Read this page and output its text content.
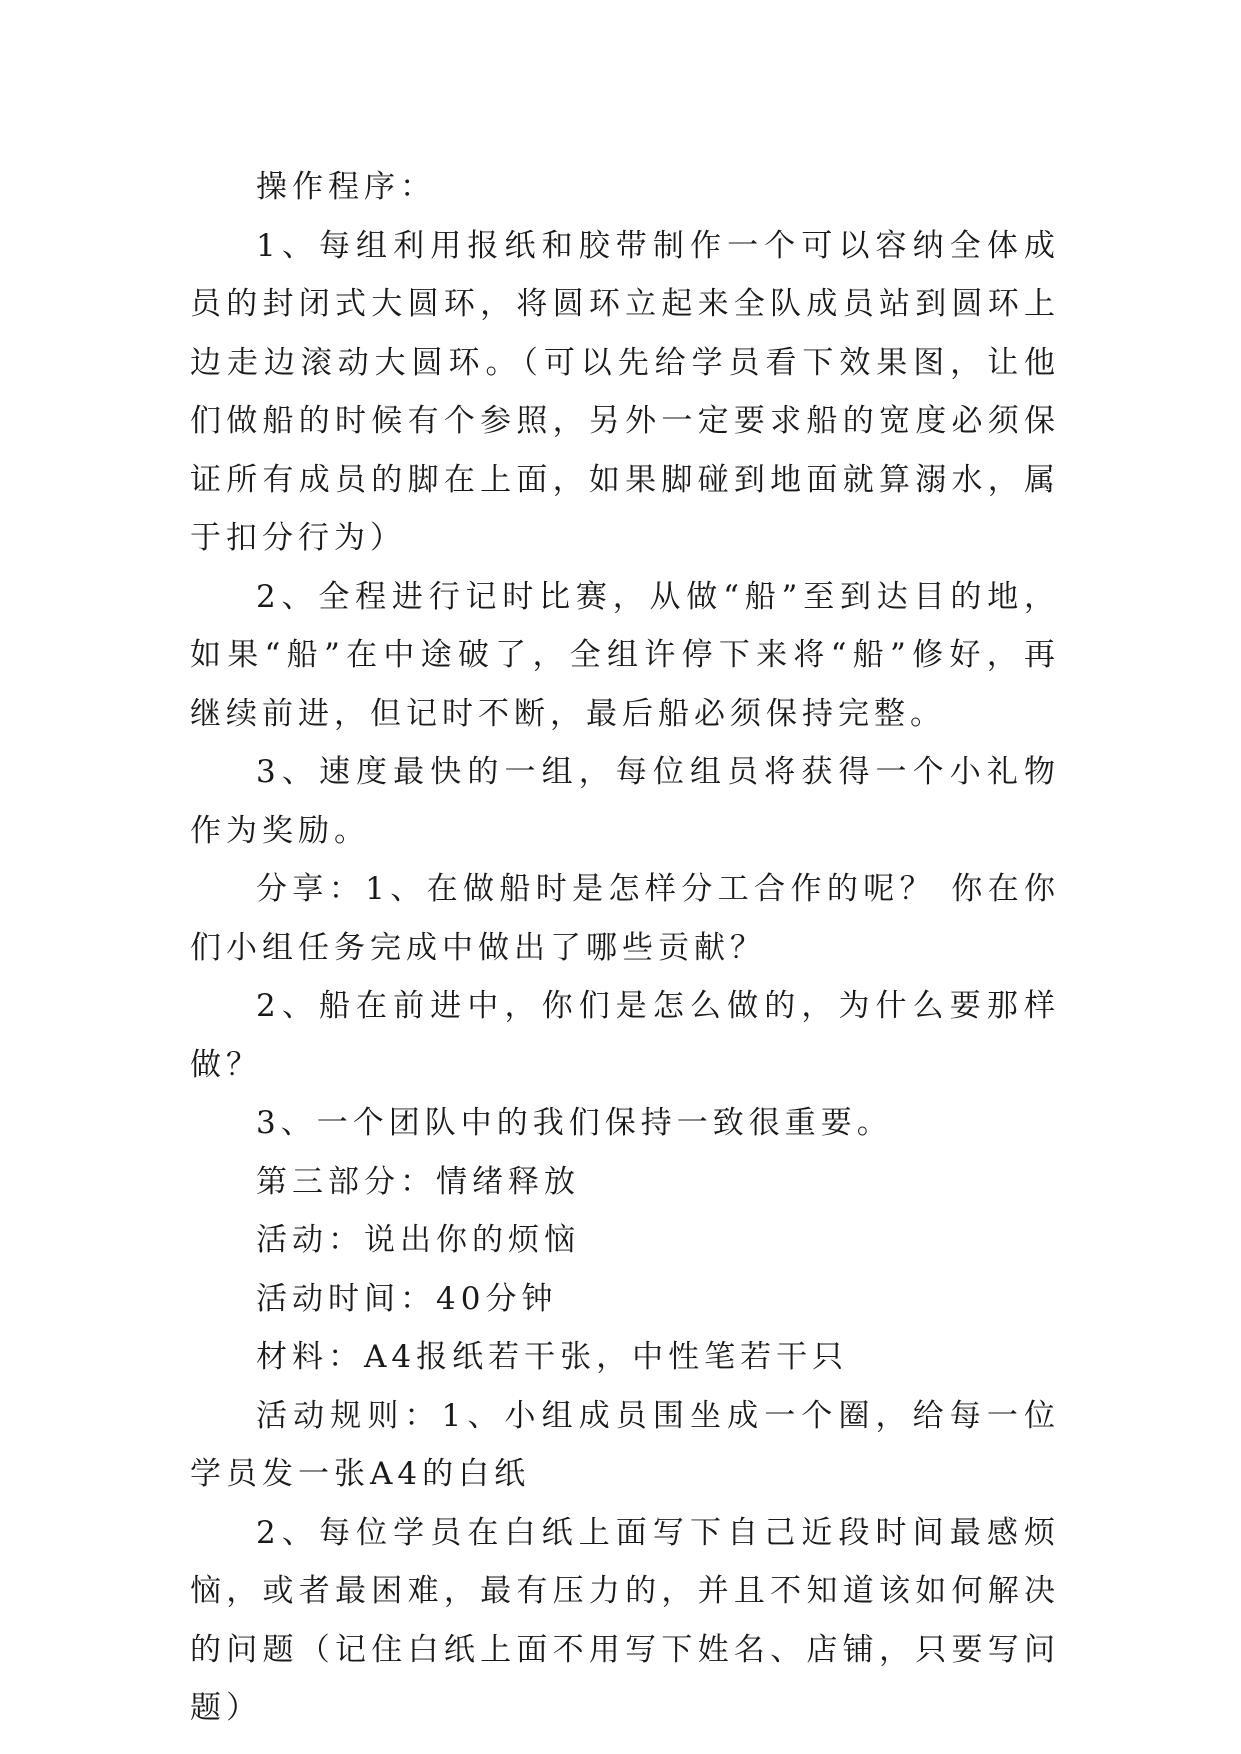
操作程序：

1、每组利用报纸和胶带制作一个可以容纳全体成员的封闭式大圆环，将圆环立起来全队成员站到圆环上边走边滚动大圆环。（可以先给学员看下效果图，让他们做船的时候有个参照，另外一定要求船的宽度必须保证所有成员的脚在上面，如果脚碰到地面就算溺水，属于扣分行为）

2、全程进行记时比赛，从做“船”至到达目的地，如果“船”在中途破了，全组许停下来将“船”修好，再继续前进，但记时不断，最后船必须保持完整。

3、速度最快的一组，每位组员将获得一个小礼物作为奖励。

分享：1、在做船时是怎样分工合作的呢？ 你在你们小组任务完成中做出了哪些贡献？

2、船在前进中，你们是怎么做的，为什么要那样做？

3、一个团队中的我们保持一致很重要。

第三部分：情绪释放

活动：说出你的烦恼

活动时间：40分钟

材料：A4报纸若干张，中性笔若干只

活动规则：1、小组成员围坐成一个圈，给每一位学员发一张A4的白纸

2、每位学员在白纸上面写下自己近段时间最感烦恼，或者最困难，最有压力的，并且不知道该如何解决的问题（记住白纸上面不用写下姓名、店铺，只要写问题）
